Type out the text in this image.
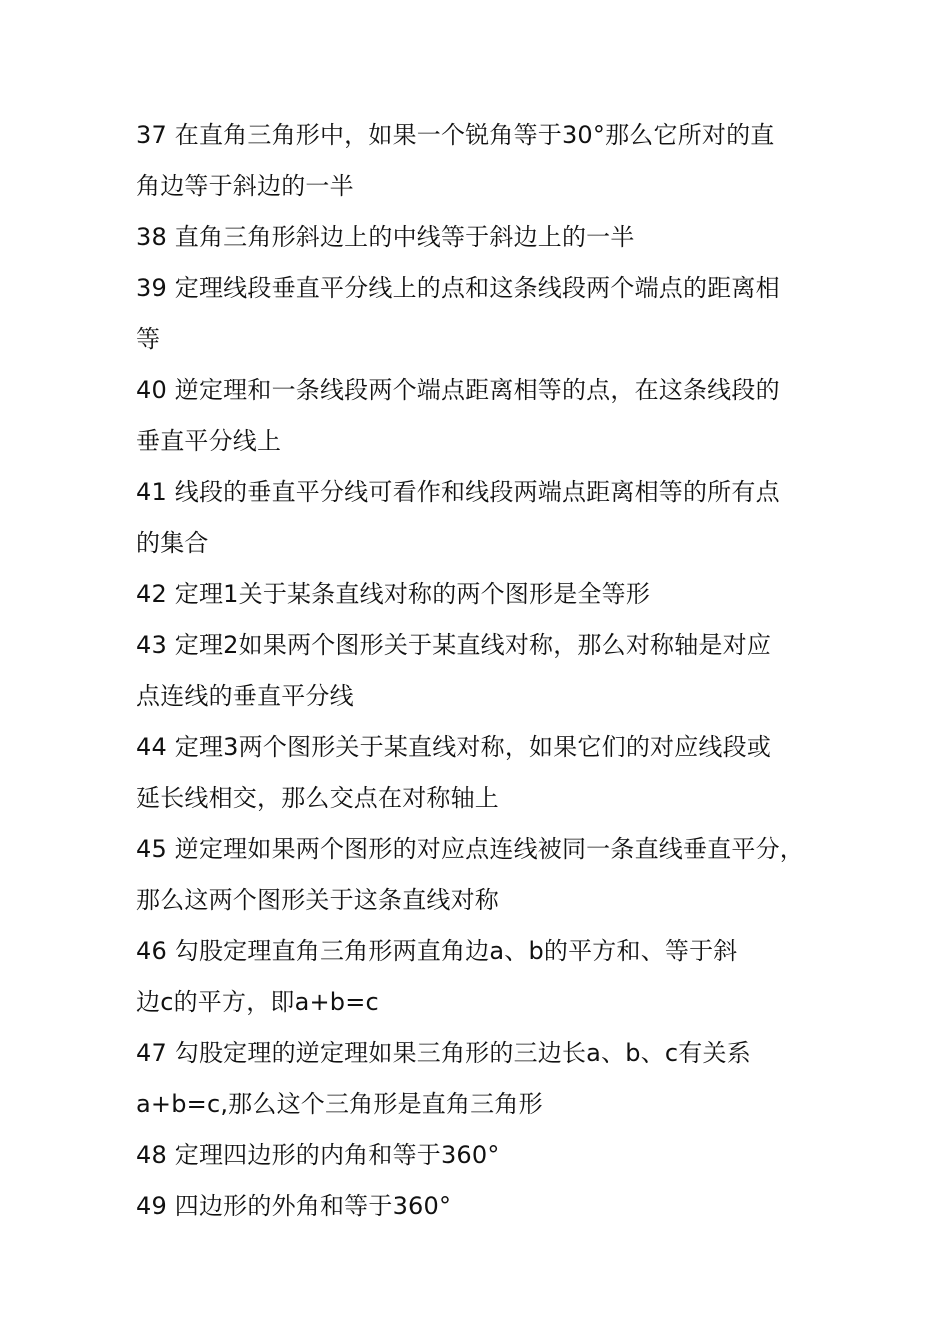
37 在直角三角形中，如果一个锐角等于30°那么它所对的直
角边等于斜边的一半
38 直角三角形斜边上的中线等于斜边上的一半
39 定理线段垂直平分线上的点和这条线段两个端点的距离相
等
40 逆定理和一条线段两个端点距离相等的点，在这条线段的
垂直平分线上
41 线段的垂直平分线可看作和线段两端点距离相等的所有点
的集合
42 定理1关于某条直线对称的两个图形是全等形
43 定理2如果两个图形关于某直线对称，那么对称轴是对应
点连线的垂直平分线
44 定理3两个图形关于某直线对称，如果它们的对应线段或
延长线相交，那么交点在对称轴上
45 逆定理如果两个图形的对应点连线被同一条直线垂直平分，
那么这两个图形关于这条直线对称
46 勾股定理直角三角形两直角边a、b的平方和、等于斜
边c的平方，即a+b=c
47 勾股定理的逆定理如果三角形的三边长a、b、c有关系
a+b=c,那么这个三角形是直角三角形
48 定理四边形的内角和等于360°
49 四边形的外角和等于360°
